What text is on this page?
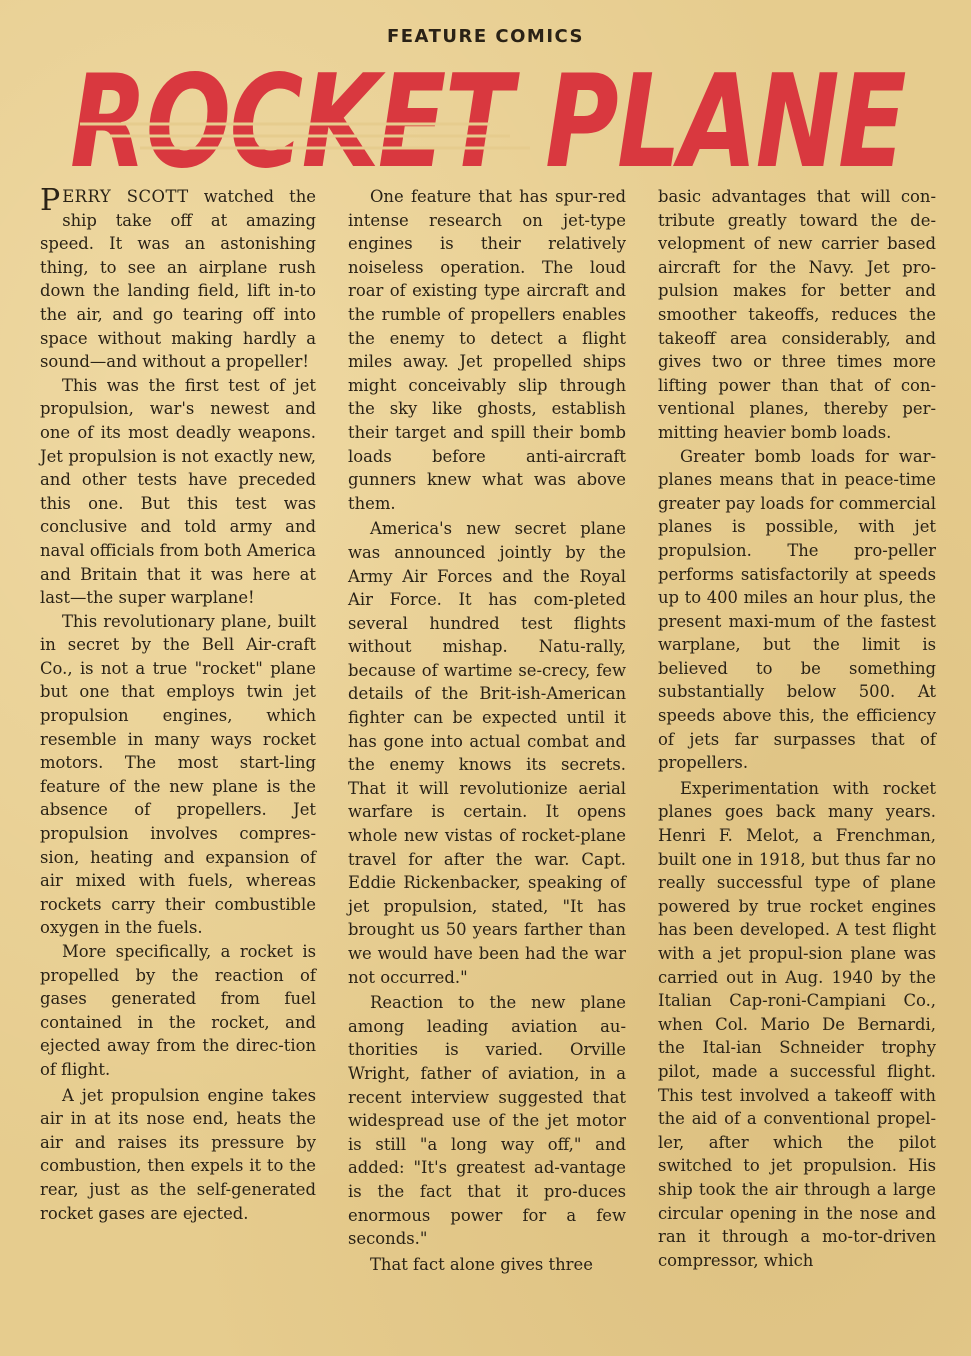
FEATURE COMICS
ROCKET PLANE

PERRY SCOTT watched the ship take off at amazing speed. It was an astonishing thing, to see an airplane rush down the landing field, lift in-to the air, and go tearing off into space without making hardly a sound—and without a propeller!

This was the first test of jet propulsion, war's newest and one of its most deadly weapons. Jet propulsion is not exactly new, and other tests have preceded this one. But this test was conclusive and told army and naval officials from both America and Britain that it was here at last—the super warplane!

This revolutionary plane, built in secret by the Bell Air-craft Co., is not a true "rocket" plane but one that employs twin jet propulsion engines, which resemble in many ways rocket motors. The most start-ling feature of the new plane is the absence of propellers. Jet propulsion involves compres-sion, heating and expansion of air mixed with fuels, whereas rockets carry their combustible oxygen in the fuels.

More specifically, a rocket is propelled by the reaction of gases generated from fuel contained in the rocket, and ejected away from the direc-tion of flight.

A jet propulsion engine takes air in at its nose end, heats the air and raises its pressure by combustion, then expels it to the rear, just as the self-generated rocket gases are ejected.

One feature that has spur-red intense research on jet-type engines is their relatively noiseless operation. The loud roar of existing type aircraft and the rumble of propellers enables the enemy to detect a flight miles away. Jet propelled ships might conceivably slip through the sky like ghosts, establish their target and spill their bomb loads before anti-aircraft gunners knew what was above them.

America's new secret plane was announced jointly by the Army Air Forces and the Royal Air Force. It has com-pleted several hundred test flights without mishap. Natu-rally, because of wartime se-crecy, few details of the Brit-ish-American fighter can be expected until it has gone into actual combat and the enemy knows its secrets. That it will revolutionize aerial warfare is certain. It opens whole new vistas of rocket-plane travel for after the war. Capt. Eddie Rickenbacker, speaking of jet propulsion, stated, "It has brought us 50 years farther than we would have been had the war not occurred."

Reaction to the new plane among leading aviation au-thorities is varied. Orville Wright, father of aviation, in a recent interview suggested that widespread use of the jet motor is still "a long way off," and added: "It's greatest ad-vantage is the fact that it pro-duces enormous power for a few seconds."

That fact alone gives three

basic advantages that will con-tribute greatly toward the de-velopment of new carrier based aircraft for the Navy. Jet pro-pulsion makes for better and smoother takeoffs, reduces the takeoff area considerably, and gives two or three times more lifting power than that of con-ventional planes, thereby per-mitting heavier bomb loads.

Greater bomb loads for war-planes means that in peace-time greater pay loads for commercial planes is possible, with jet propulsion. The pro-peller performs satisfactorily at speeds up to 400 miles an hour plus, the present maxi-mum of the fastest warplane, but the limit is believed to be something substantially below 500. At speeds above this, the efficiency of jets far surpasses that of propellers.

Experimentation with rocket planes goes back many years. Henri F. Melot, a Frenchman, built one in 1918, but thus far no really successful type of plane powered by true rocket engines has been developed. A test flight with a jet propul-sion plane was carried out in Aug. 1940 by the Italian Cap-roni-Campiani Co., when Col. Mario De Bernardi, the Ital-ian Schneider trophy pilot, made a successful flight. This test involved a takeoff with the aid of a conventional propel-ler, after which the pilot switched to jet propulsion. His ship took the air through a large circular opening in the nose and ran it through a mo-tor-driven compressor, which
